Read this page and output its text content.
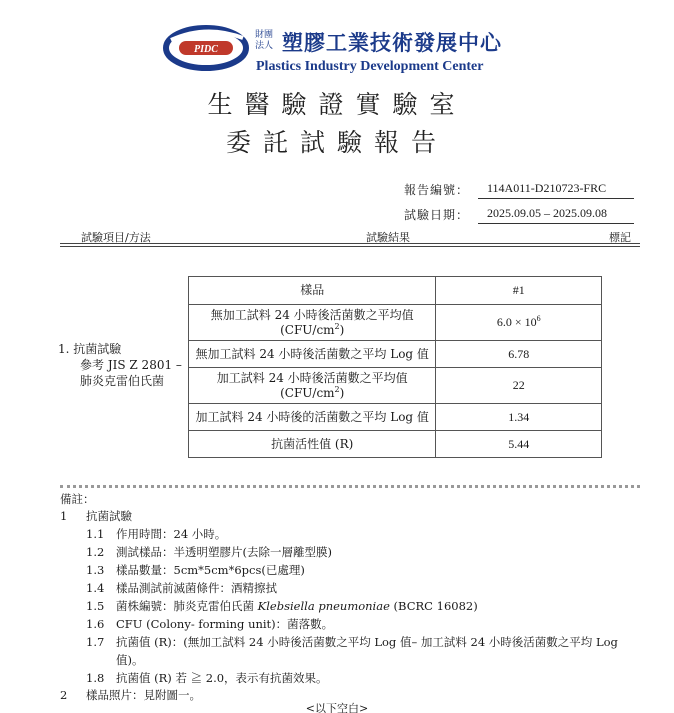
PIDC
財團法人 塑膠工業技術發展中心
Plastics Industry Development Center
生醫驗證實驗室
委託試驗報告
報告編號： 114A011-D210723-FRC
試驗日期： 2025.09.05 – 2025.09.08
試驗項目/方法	試驗結果	標記
1. 抗菌試驗
參考 JIS Z 2801 –
肺炎克雷伯氏菌
樣品	#1
無加工試料 24 小時後活菌數之平均值
$(CFU/cm^2)$	$6.0 \times 10^6$
無加工試料 24 小時後活菌數之平均 Log 值	6.78
加工試料 24 小時後活菌數之平均值
$(CFU/cm^2)$	22
加工試料 24 小時後的活菌數之平均 Log 值	1.34
抗菌活性值 (R)	5.44
備註：
1 抗菌試驗
1.1 作用時間：24 小時。
1.2 測試樣品：半透明塑膠片(去除一層離型膜)
1.3 樣品數量：5cm*5cm*6pcs(已處理)
1.4 樣品測試前滅菌條件：酒精擦拭
1.5 菌株編號：肺炎克雷伯氏菌 Klebsiella pneumoniae (BCRC 16082)
1.6 CFU (Colony- forming unit)：菌落數。
1.7 抗菌值 (R)：(無加工試料 24 小時後活菌數之平均 Log 值– 加工試料 24 小時後活菌數之平均 Log 值)。
1.8 抗菌值 (R) 若 ≧ 2.0，表示有抗菌效果。
2 樣品照片：見附圖一。
<以下空白>
